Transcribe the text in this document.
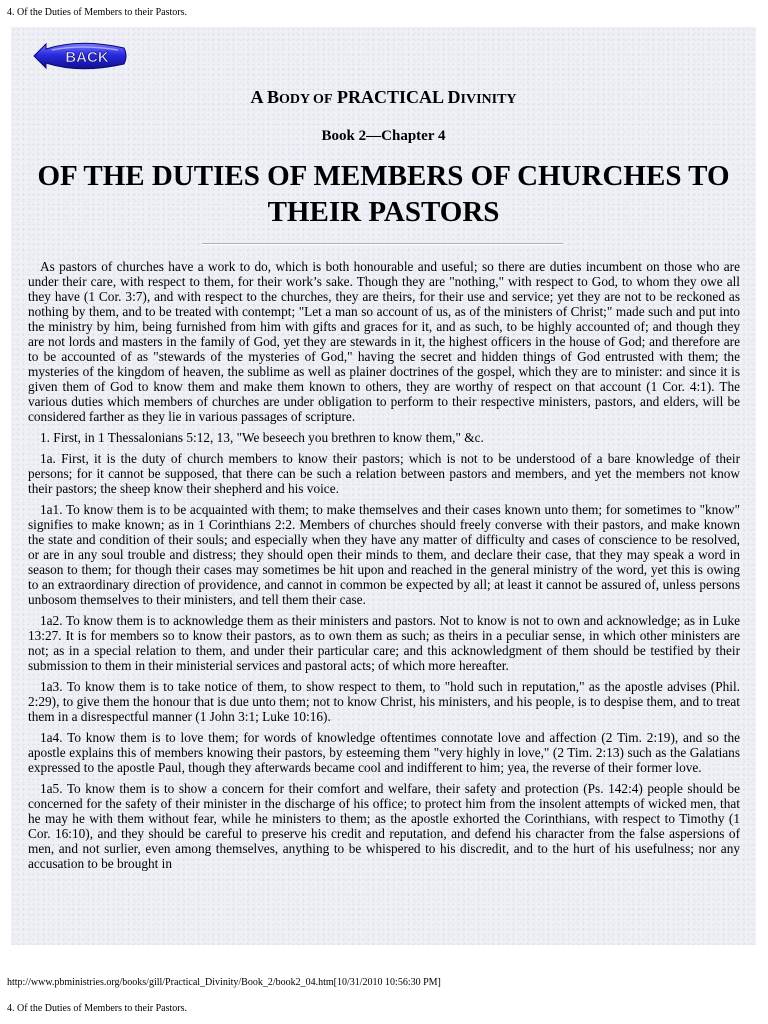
4. Of the Duties of Members to their Pastors.
BACK
A BODY OF PRACTICAL DIVINITY
Book 2—Chapter 4
OF THE DUTIES OF MEMBERS OF CHURCHES TO THEIR PASTORS

As pastors of churches have a work to do, which is both honourable and useful; so there are duties incumbent on those who are under their care, with respect to them, for their work’s sake. Though they are "nothing," with respect to God, to whom they owe all they have (1 Cor. 3:7), and with respect to the churches, they are theirs, for their use and service; yet they are not to be reckoned as nothing by them, and to be treated with contempt; "Let a man so account of us, as of the ministers of Christ;" made such and put into the ministry by him, being furnished from him with gifts and graces for it, and as such, to be highly accounted of; and though they are not lords and masters in the family of God, yet they are stewards in it, the highest officers in the house of God; and therefore are to be accounted of as "stewards of the mysteries of God," having the secret and hidden things of God entrusted with them; the mysteries of the kingdom of heaven, the sublime as well as plainer doctrines of the gospel, which they are to minister: and since it is given them of God to know them and make them known to others, they are worthy of respect on that account (1 Cor. 4:1). The various duties which members of churches are under obligation to perform to their respective ministers, pastors, and elders, will be considered farther as they lie in various passages of scripture.

1. First, in 1 Thessalonians 5:12, 13, "We beseech you brethren to know them," &c.

1a. First, it is the duty of church members to know their pastors; which is not to be understood of a bare knowledge of their persons; for it cannot be supposed, that there can be such a relation between pastors and members, and yet the members not know their pastors; the sheep know their shepherd and his voice.

1a1. To know them is to be acquainted with them; to make themselves and their cases known unto them; for sometimes to "know" signifies to make known; as in 1 Corinthians 2:2. Members of churches should freely converse with their pastors, and make known the state and condition of their souls; and especially when they have any matter of difficulty and cases of conscience to be resolved, or are in any soul trouble and distress; they should open their minds to them, and declare their case, that they may speak a word in season to them; for though their cases may sometimes be hit upon and reached in the general ministry of the word, yet this is owing to an extraordinary direction of providence, and cannot in common be expected by all; at least it cannot be assured of, unless persons unbosom themselves to their ministers, and tell them their case.

1a2. To know them is to acknowledge them as their ministers and pastors. Not to know is not to own and acknowledge; as in Luke 13:27. It is for members so to know their pastors, as to own them as such; as theirs in a peculiar sense, in which other ministers are not; as in a special relation to them, and under their particular care; and this acknowledgment of them should be testified by their submission to them in their ministerial services and pastoral acts; of which more hereafter.

1a3. To know them is to take notice of them, to show respect to them, to "hold such in reputation," as the apostle advises (Phil. 2:29), to give them the honour that is due unto them; not to know Christ, his ministers, and his people, is to despise them, and to treat them in a disrespectful manner (1 John 3:1; Luke 10:16).

1a4. To know them is to love them; for words of knowledge oftentimes connotate love and affection (2 Tim. 2:19), and so the apostle explains this of members knowing their pastors, by esteeming them "very highly in love," (2 Tim. 2:13) such as the Galatians expressed to the apostle Paul, though they afterwards became cool and indifferent to him; yea, the reverse of their former love.

1a5. To know them is to show a concern for their comfort and welfare, their safety and protection (Ps. 142:4) people should be concerned for the safety of their minister in the discharge of his office; to protect him from the insolent attempts of wicked men, that he may he with them without fear, while he ministers to them; as the apostle exhorted the Corinthians, with respect to Timothy (1 Cor. 16:10), and they should be careful to preserve his credit and reputation, and defend his character from the false aspersions of men, and not surlier, even among themselves, anything to be whispered to his discredit, and to the hurt of his usefulness; nor any accusation to be brought in

http://www.pbministries.org/books/gill/Practical_Divinity/Book_2/book2_04.htm[10/31/2010 10:56:30 PM]
4. Of the Duties of Members to their Pastors.
